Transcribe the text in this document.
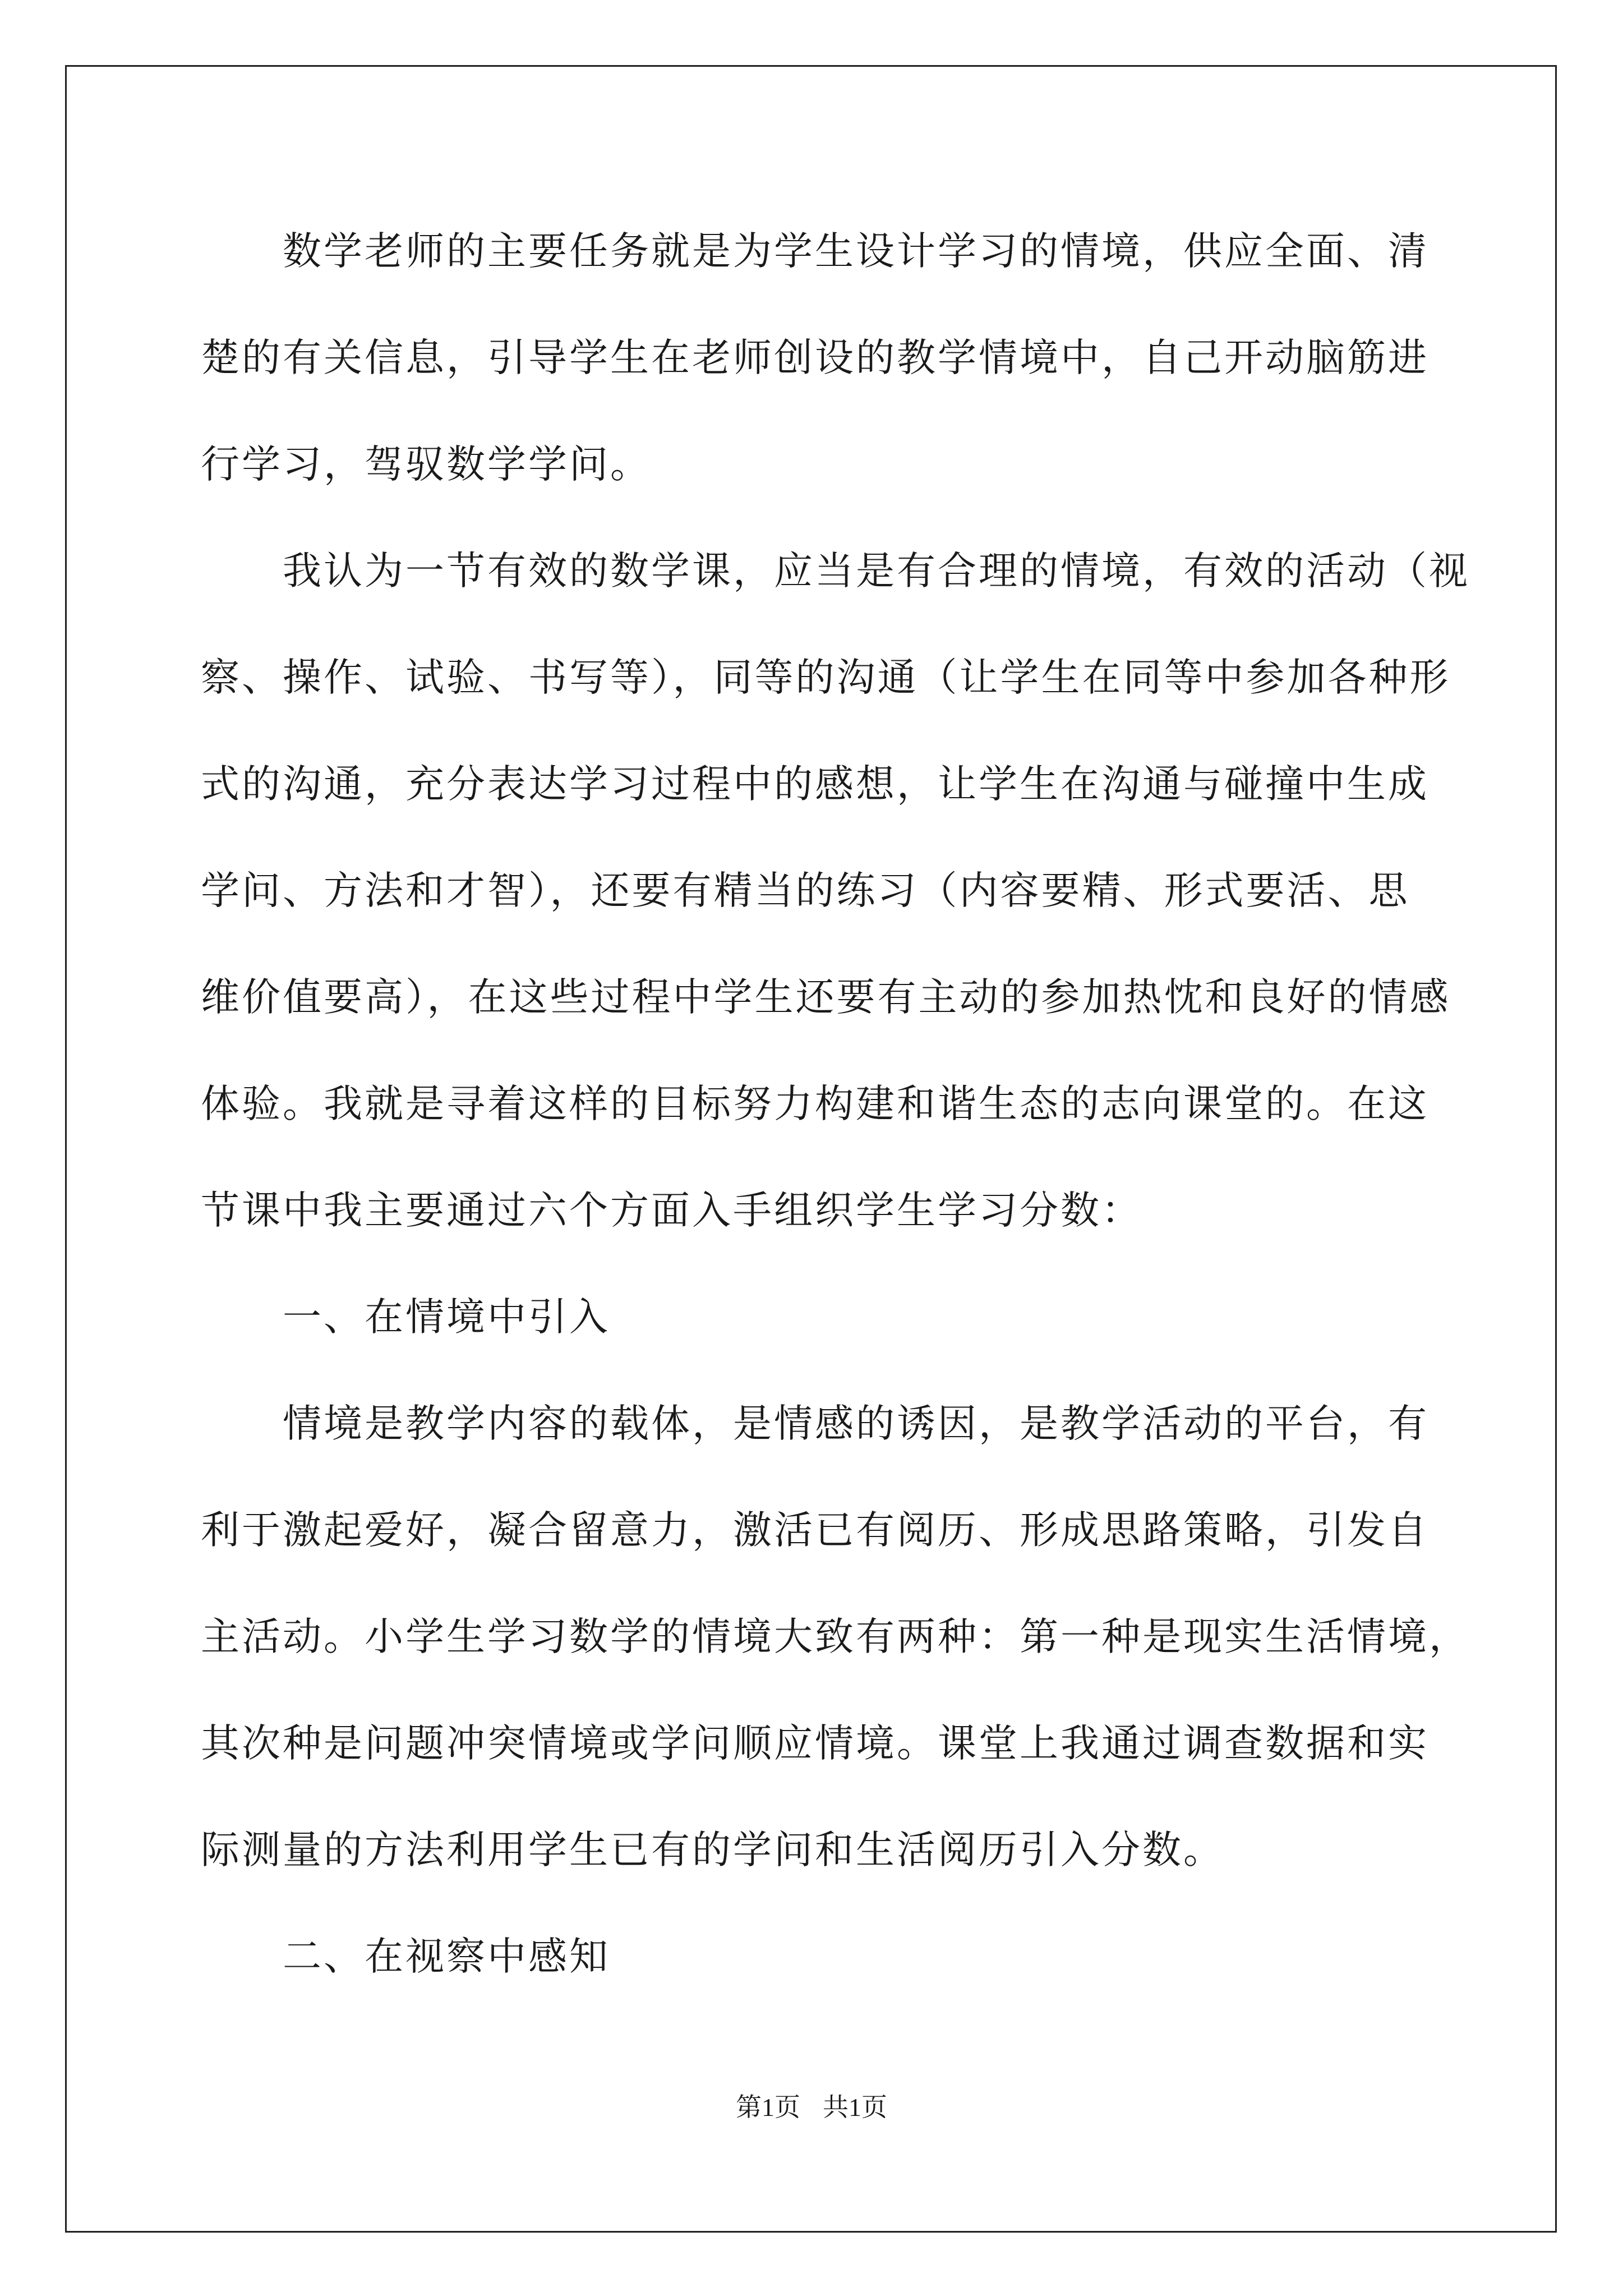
数学老师的主要任务就是为学生设计学习的情境，供应全面、清
楚的有关信息，引导学生在老师创设的教学情境中，自己开动脑筋进
行学习，驾驭数学学问。
我认为一节有效的数学课，应当是有合理的情境，有效的活动（视
察、操作、试验、书写等），同等的沟通（让学生在同等中参加各种形
式的沟通，充分表达学习过程中的感想，让学生在沟通与碰撞中生成
学问、方法和才智），还要有精当的练习（内容要精、形式要活、思
维价值要高），在这些过程中学生还要有主动的参加热忱和良好的情感
体验。我就是寻着这样的目标努力构建和谐生态的志向课堂的。在这
节课中我主要通过六个方面入手组织学生学习分数：
一、在情境中引入
情境是教学内容的载体，是情感的诱因，是教学活动的平台，有
利于激起爱好，凝合留意力，激活已有阅历、形成思路策略，引发自
主活动。小学生学习数学的情境大致有两种：第一种是现实生活情境，
其次种是问题冲突情境或学问顺应情境。课堂上我通过调查数据和实
际测量的方法利用学生已有的学问和生活阅历引入分数。
二、在视察中感知
第1页 共1页
